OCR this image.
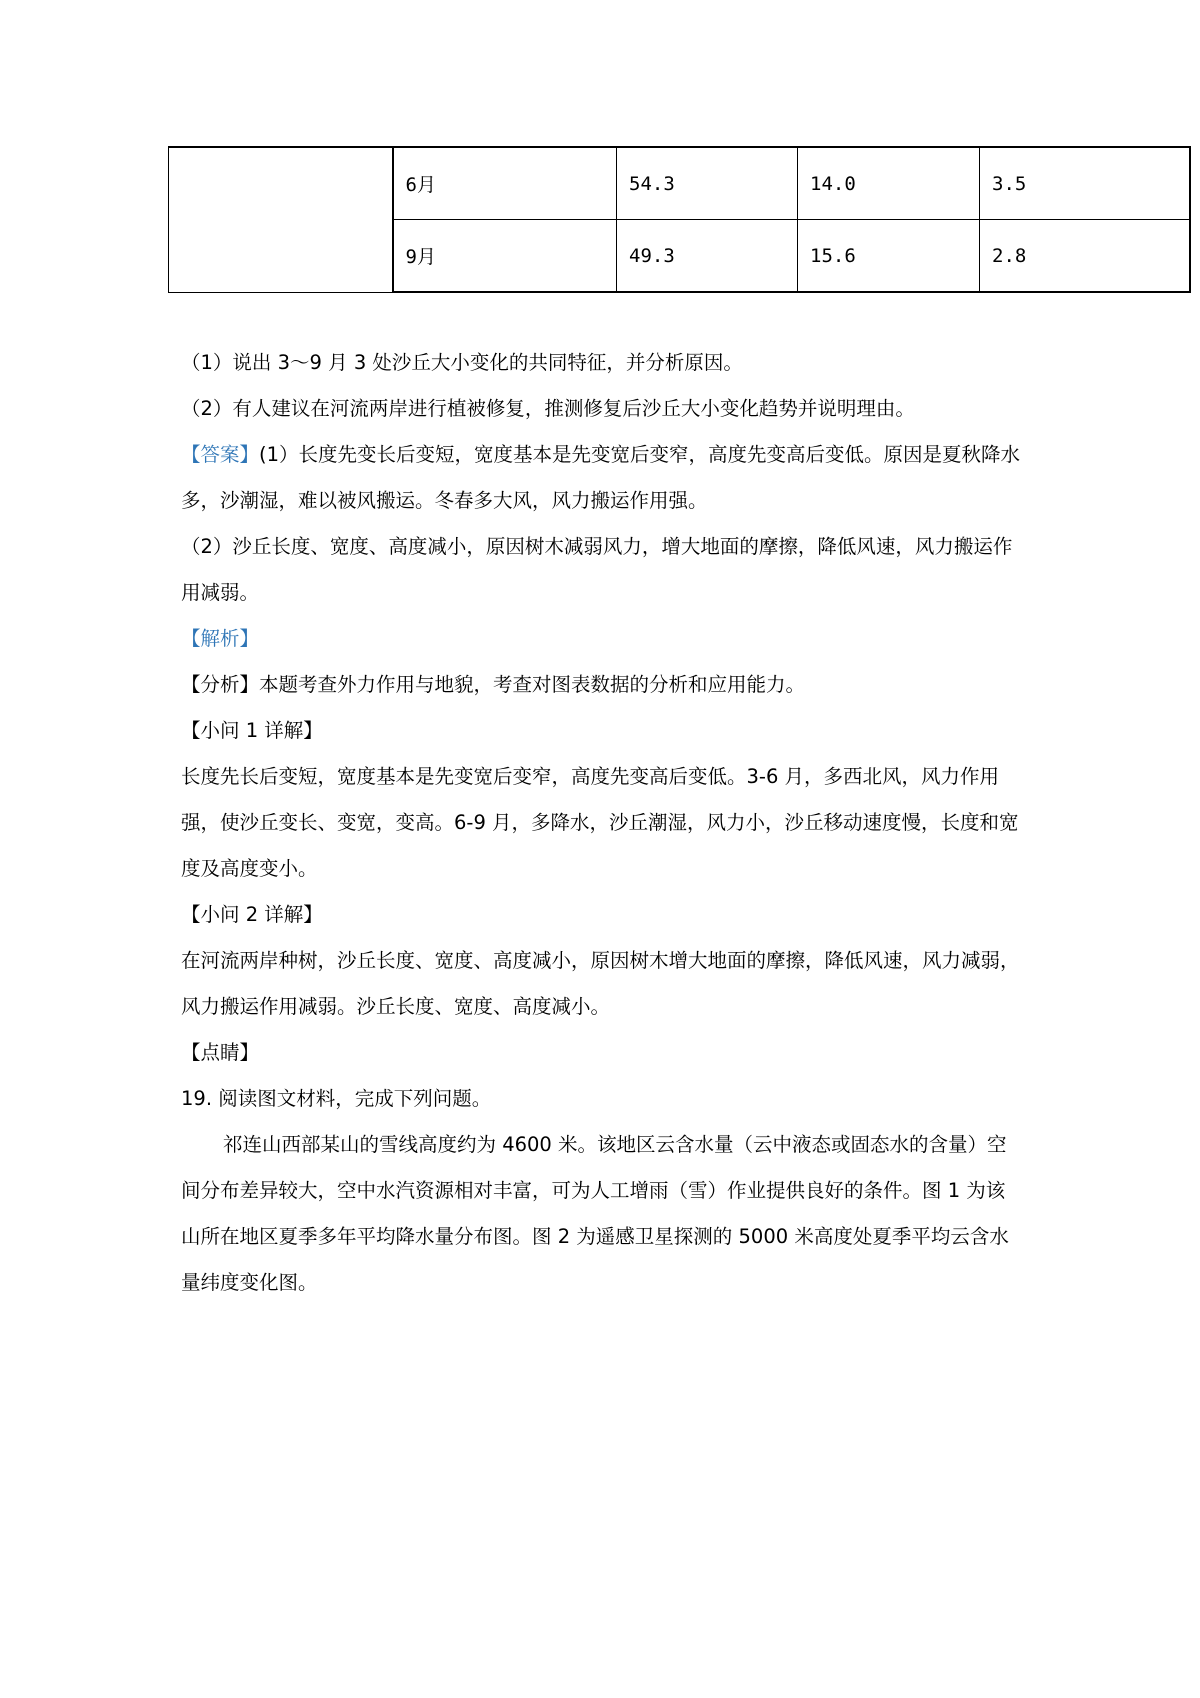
	6月	54.3	14.0	3.5
	9月	49.3	15.6	2.8

（1）说出 3～9 月 3 处沙丘大小变化的共同特征，并分析原因。

（2）有人建议在河流两岸进行植被修复，推测修复后沙丘大小变化趋势并说明理由。

【答案】(1）长度先变长后变短，宽度基本是先变宽后变窄，高度先变高后变低。原因是夏秋降水多，沙潮湿，难以被风搬运。冬春多大风，风力搬运作用强。

（2）沙丘长度、宽度、高度减小，原因树木减弱风力，增大地面的摩擦，降低风速，风力搬运作用减弱。

【解析】

【分析】本题考查外力作用与地貌，考查对图表数据的分析和应用能力。

【小问 1 详解】

长度先长后变短，宽度基本是先变宽后变窄，高度先变高后变低。3-6 月，多西北风，风力作用强，使沙丘变长、变宽，变高。6-9 月，多降水，沙丘潮湿，风力小，沙丘移动速度慢，长度和宽度及高度变小。

【小问 2 详解】

在河流两岸种树，沙丘长度、宽度、高度减小，原因树木增大地面的摩擦，降低风速，风力减弱，风力搬运作用减弱。沙丘长度、宽度、高度减小。

【点睛】

19. 阅读图文材料，完成下列问题。

祁连山西部某山的雪线高度约为 4600 米。该地区云含水量（云中液态或固态水的含量）空间分布差异较大，空中水汽资源相对丰富，可为人工增雨（雪）作业提供良好的条件。图 1 为该山所在地区夏季多年平均降水量分布图。图 2 为遥感卫星探测的 5000 米高度处夏季平均云含水量纬度变化图。
